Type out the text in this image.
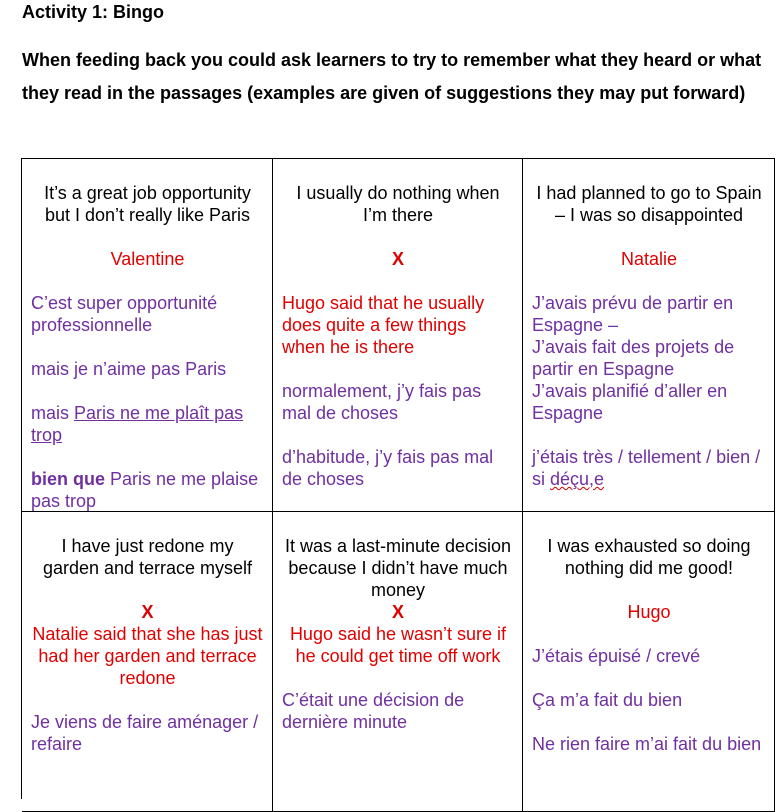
Activity 1: Bingo

When feeding back you could ask learners to try to remember what they heard or what they read in the passages (examples are given of suggestions they may put forward)

It’s a great job opportunity but I don’t really like Paris

Valentine

C’est super opportunité professionnelle

mais je n’aime pas Paris

mais Paris ne me plaît pas trop

bien que Paris ne me plaise pas trop

I usually do nothing when I’m there

X

Hugo said that he usually does quite a few things when he is there

normalement, j’y fais pas mal de choses

d’habitude, j’y fais pas mal de choses

I had planned to go to Spain – I was so disappointed

Natalie

J’avais prévu de partir en Espagne –

J’avais fait des projets de partir en Espagne

J’avais planifié d’aller en Espagne

j’étais très / tellement / bien / si déçu,e

I have just redone my garden and terrace myself

X

Natalie said that she has just had her garden and terrace redone

Je viens de faire aménager / refaire

It was a last-minute decision because I didn’t have much money

X

Hugo said he wasn’t sure if he could get time off work

C’était une décision de dernière minute

I was exhausted so doing nothing did me good!

Hugo

J’étais épuisé / crevé

Ça m’a fait du bien

Ne rien faire m’ai fait du bien
